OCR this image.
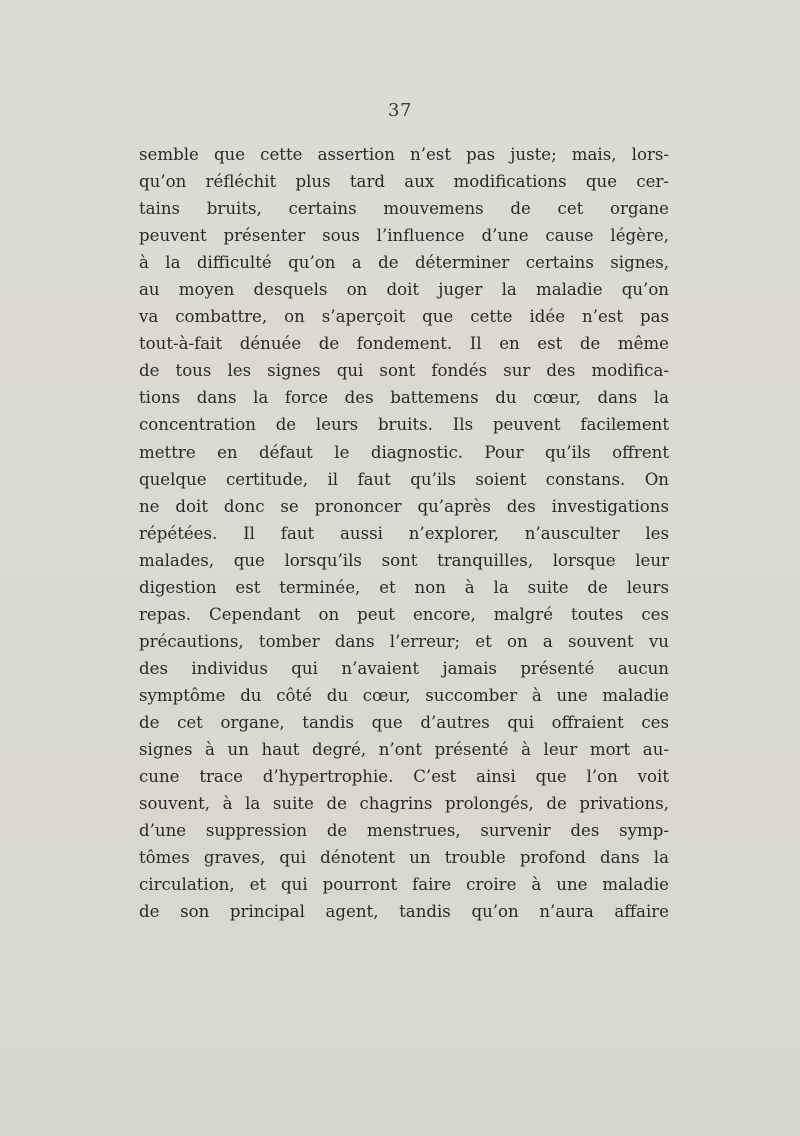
37
semble que cette assertion n’est pas juste; mais, lors-
qu’on réfléchit plus tard aux modifications que cer-
tains bruits, certains mouvemens de cet organe
peuvent présenter sous l’influence d’une cause légère,
à la difficulté qu’on a de déterminer certains signes,
au moyen desquels on doit juger la maladie qu’on
va combattre, on s’aperçoit que cette idée n’est pas
tout-à-fait dénuée de fondement. Il en est de même
de tous les signes qui sont fondés sur des modifica-
tions dans la force des battemens du cœur, dans la
concentration de leurs bruits. Ils peuvent facilement
mettre en défaut le diagnostic. Pour qu’ils offrent
quelque certitude, il faut qu’ils soient constans. On
ne doit donc se prononcer qu’après des investigations
répétées. Il faut aussi n’explorer, n’ausculter les
malades, que lorsqu’ils sont tranquilles, lorsque leur
digestion est terminée, et non à la suite de leurs
repas. Cependant on peut encore, malgré toutes ces
précautions, tomber dans l’erreur; et on a souvent vu
des individus qui n’avaient jamais présenté aucun
symptôme du côté du cœur, succomber à une maladie
de cet organe, tandis que d’autres qui offraient ces
signes à un haut degré, n’ont présenté à leur mort au-
cune trace d’hypertrophie. C’est ainsi que l’on voit
souvent, à la suite de chagrins prolongés, de privations,
d’une suppression de menstrues, survenir des symp-
tômes graves, qui dénotent un trouble profond dans la
circulation, et qui pourront faire croire à une maladie
de son principal agent, tandis qu’on n’aura affaire
